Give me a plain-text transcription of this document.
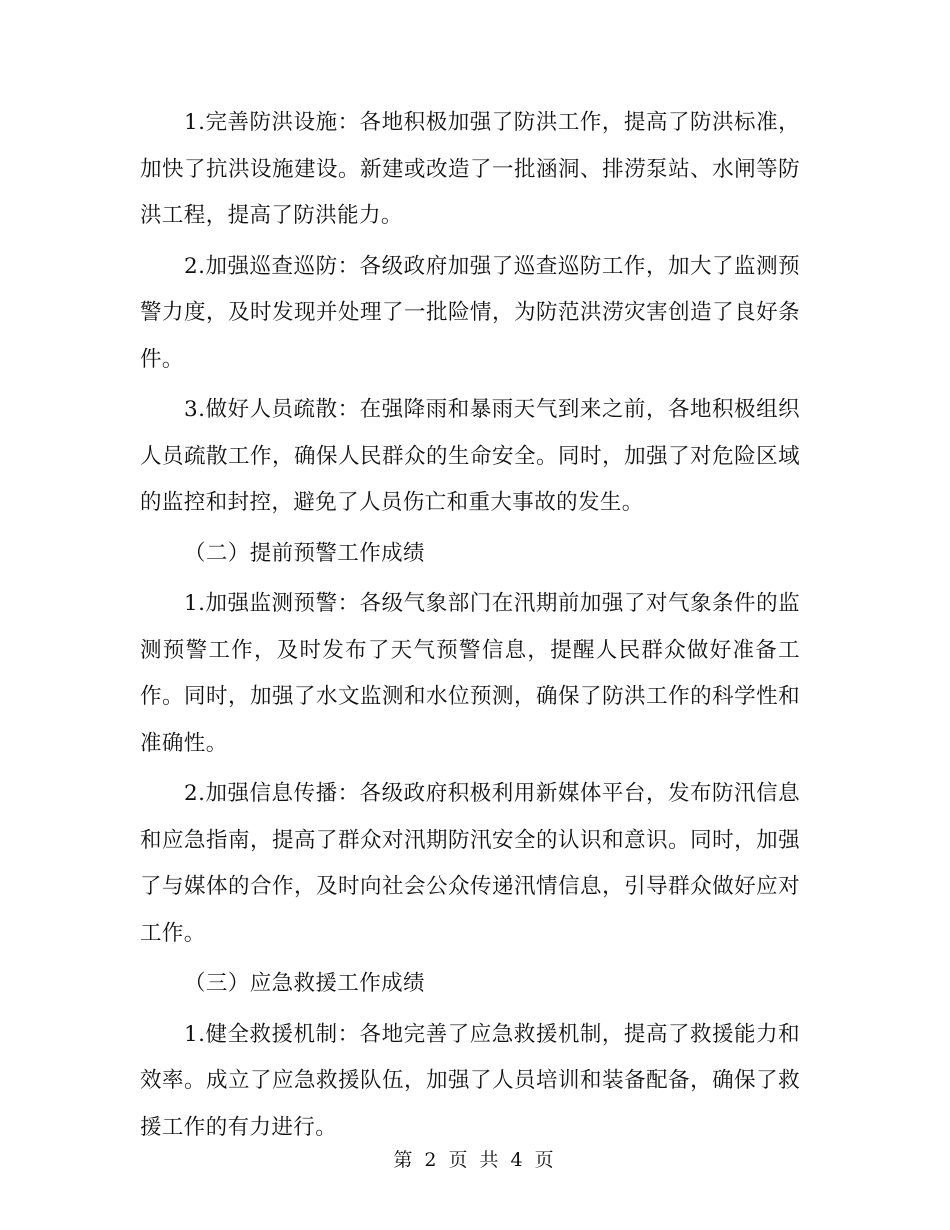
1.完善防洪设施：各地积极加强了防洪工作，提高了防洪标准，加快了抗洪设施建设。新建或改造了一批涵洞、排涝泵站、水闸等防洪工程，提高了防洪能力。

2.加强巡查巡防：各级政府加强了巡查巡防工作，加大了监测预警力度，及时发现并处理了一批险情，为防范洪涝灾害创造了良好条件。

3.做好人员疏散：在强降雨和暴雨天气到来之前，各地积极组织人员疏散工作，确保人民群众的生命安全。同时，加强了对危险区域的监控和封控，避免了人员伤亡和重大事故的发生。

（二）提前预警工作成绩

1.加强监测预警：各级气象部门在汛期前加强了对气象条件的监测预警工作，及时发布了天气预警信息，提醒人民群众做好准备工作。同时，加强了水文监测和水位预测，确保了防洪工作的科学性和准确性。

2.加强信息传播：各级政府积极利用新媒体平台，发布防汛信息和应急指南，提高了群众对汛期防汛安全的认识和意识。同时，加强了与媒体的合作，及时向社会公众传递汛情信息，引导群众做好应对工作。

（三）应急救援工作成绩

1.健全救援机制：各地完善了应急救援机制，提高了救援能力和效率。成立了应急救援队伍，加强了人员培训和装备配备，确保了救援工作的有力进行。

第 2 页 共 4 页
